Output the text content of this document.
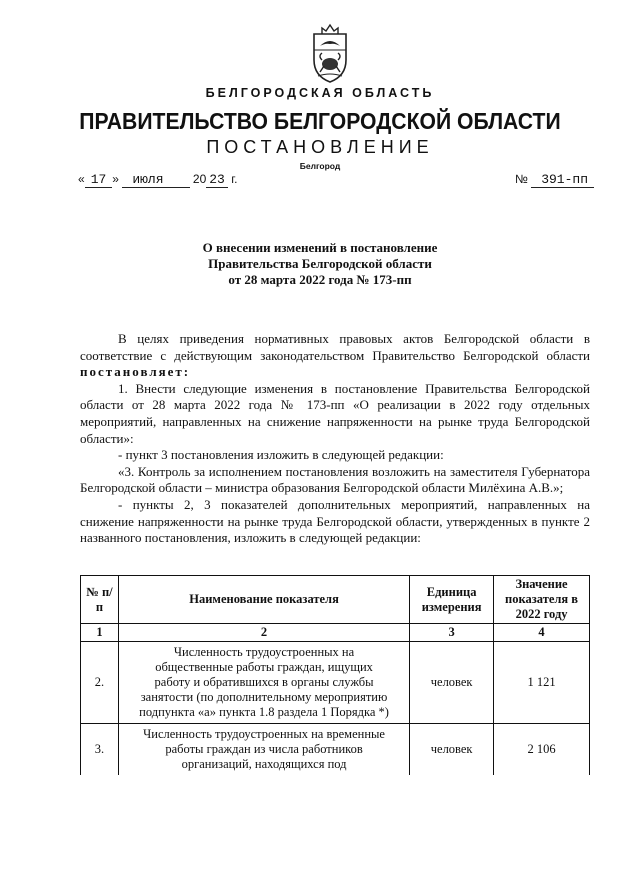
БЕЛГОРОДСКАЯ ОБЛАСТЬ
ПРАВИТЕЛЬСТВО БЕЛГОРОДСКОЙ ОБЛАСТИ
ПОСТАНОВЛЕНИЕ
Белгород
« 17 » июля 20 23 г.	№ 391-пп
О внесении изменений в постановление
Правительства Белгородской области
от 28 марта 2022 года № 173-пп

В целях приведения нормативных правовых актов Белгородской области в соответствие с действующим законодательством Правительство Белгородской области постановляет:

1. Внести следующие изменения в постановление Правительства Белгородской области от 28 марта 2022 года № 173-пп «О реализации в 2022 году отдельных мероприятий, направленных на снижение напряженности на рынке труда Белгородской области»:

- пункт 3 постановления изложить в следующей редакции:

«3. Контроль за исполнением постановления возложить на заместителя Губернатора Белгородской области – министра образования Белгородской области Милёхина А.В.»;

- пункты 2, 3 показателей дополнительных мероприятий, направленных на снижение напряженности на рынке труда Белгородской области, утвержденных в пункте 2 названного постановления, изложить в следующей редакции:

№ п/п	Наименование показателя	Единица измерения	Значение показателя в 2022 году
1	2	3	4
2.	Численность трудоустроенных на общественные работы граждан, ищущих работу и обратившихся в органы службы занятости (по дополнительному мероприятию подпункта «а» пункта 1.8 раздела 1 Порядка *)	человек	1 121
3.	Численность трудоустроенных на временные работы граждан из числа работников организаций, находящихся под	человек	2 106
